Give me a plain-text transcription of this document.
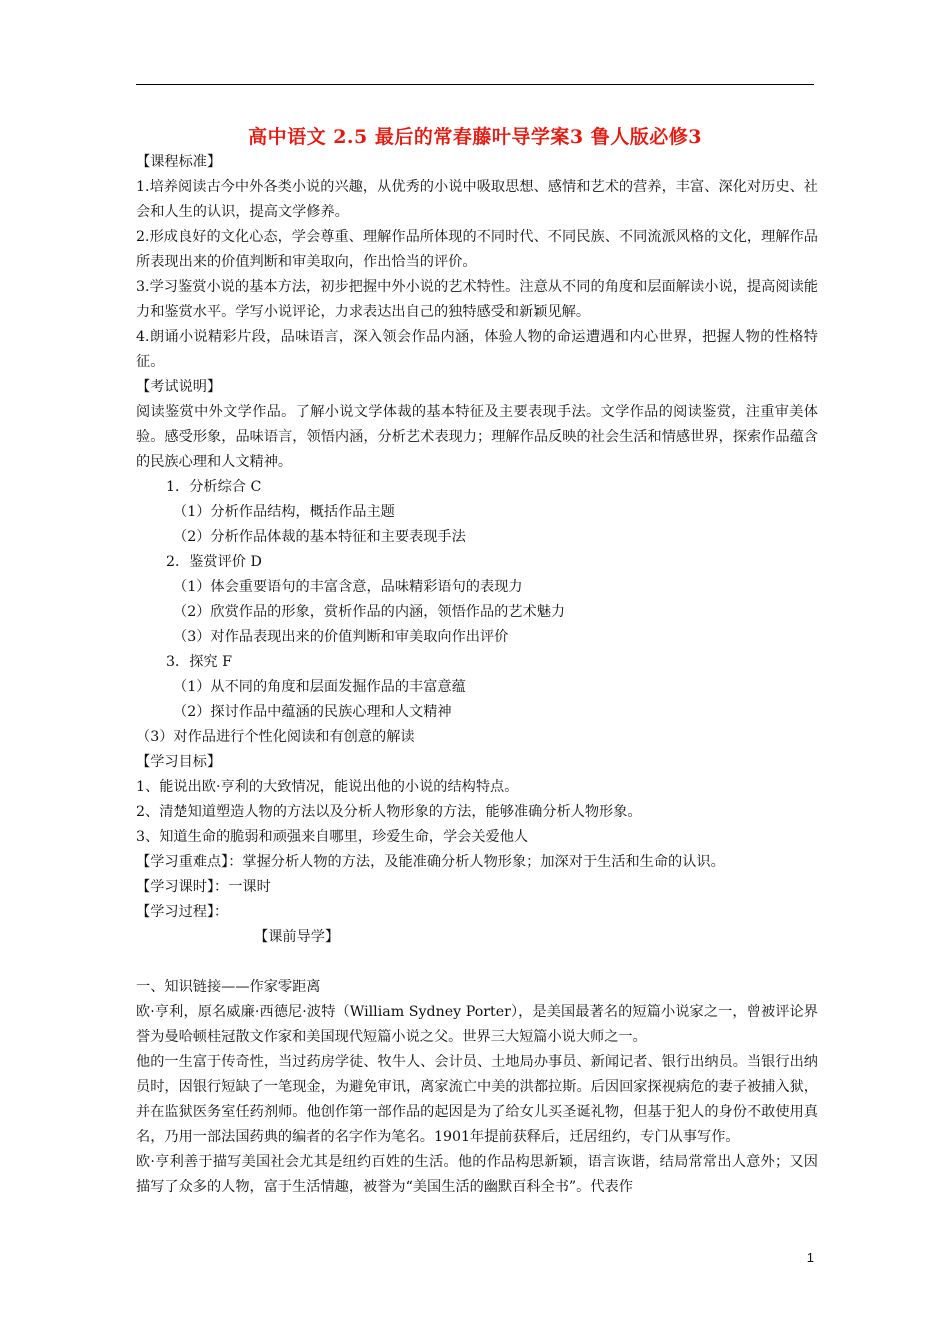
高中语文 2.5 最后的常春藤叶导学案3 鲁人版必修3

【课程标准】

1.培养阅读古今中外各类小说的兴趣，从优秀的小说中吸取思想、感情和艺术的营养，丰富、深化对历史、社会和人生的认识，提高文学修养。

2.形成良好的文化心态，学会尊重、理解作品所体现的不同时代、不同民族、不同流派风格的文化，理解作品所表现出来的价值判断和审美取向，作出恰当的评价。

3.学习鉴赏小说的基本方法，初步把握中外小说的艺术特性。注意从不同的角度和层面解读小说，提高阅读能力和鉴赏水平。学写小说评论，力求表达出自己的独特感受和新颖见解。

4.朗诵小说精彩片段，品味语言，深入领会作品内涵，体验人物的命运遭遇和内心世界，把握人物的性格特征。

【考试说明】

阅读鉴赏中外文学作品。了解小说文学体裁的基本特征及主要表现手法。文学作品的阅读鉴赏，注重审美体验。感受形象，品味语言，领悟内涵，分析艺术表现力；理解作品反映的社会生活和情感世界，探索作品蕴含的民族心理和人文精神。

1．分析综合 C

（1）分析作品结构，概括作品主题

（2）分析作品体裁的基本特征和主要表现手法

2．鉴赏评价 D

（1）体会重要语句的丰富含意，品味精彩语句的表现力

（2）欣赏作品的形象，赏析作品的内涵，领悟作品的艺术魅力

（3）对作品表现出来的价值判断和审美取向作出评价

3．探究 F

（1）从不同的角度和层面发掘作品的丰富意蕴

（2）探讨作品中蕴涵的民族心理和人文精神

（3）对作品进行个性化阅读和有创意的解读

【学习目标】

1、能说出欧·亨利的大致情况，能说出他的小说的结构特点。

2、清楚知道塑造人物的方法以及分析人物形象的方法，能够准确分析人物形象。

3、知道生命的脆弱和顽强来自哪里，珍爱生命，学会关爱他人

【学习重难点】：掌握分析人物的方法，及能准确分析人物形象；加深对于生活和生命的认识。

【学习课时】：一课时

【学习过程】：

【课前导学】

一、知识链接——作家零距离

欧·亨利，原名威廉·西德尼·波特（William Sydney Porter），是美国最著名的短篇小说家之一，曾被评论界誉为曼哈顿桂冠散文作家和美国现代短篇小说之父。世界三大短篇小说大师之一。

他的一生富于传奇性，当过药房学徒、牧牛人、会计员、土地局办事员、新闻记者、银行出纳员。当银行出纳员时，因银行短缺了一笔现金，为避免审讯，离家流亡中美的洪都拉斯。后因回家探视病危的妻子被捕入狱，并在监狱医务室任药剂师。他创作第一部作品的起因是为了给女儿买圣诞礼物，但基于犯人的身份不敢使用真名，乃用一部法国药典的编者的名字作为笔名。1901年提前获释后，迁居纽约，专门从事写作。

欧·亨利善于描写美国社会尤其是纽约百姓的生活。他的作品构思新颖，语言诙谐，结局常常出人意外；又因描写了众多的人物，富于生活情趣，被誉为“美国生活的幽默百科全书”。代表作

1
